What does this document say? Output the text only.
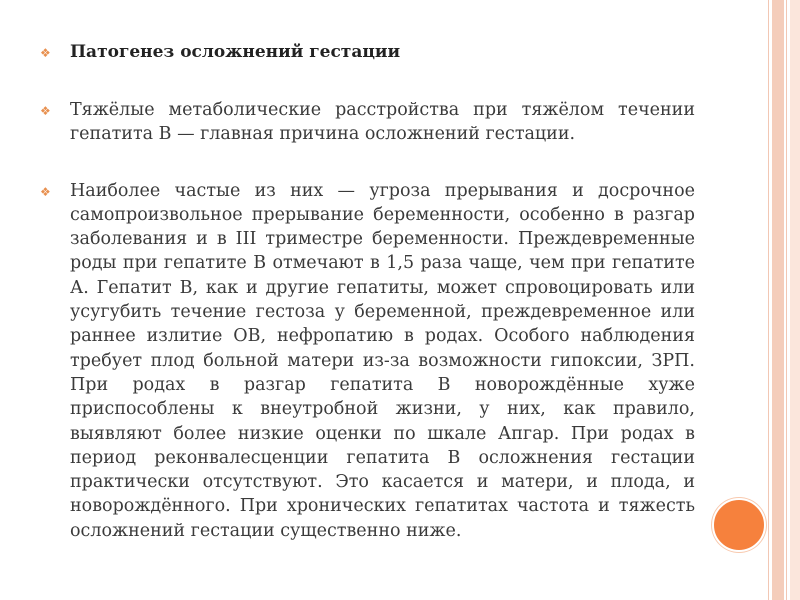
❖ Патогенез осложнений гестации
❖ Тяжёлые метаболические расстройства при тяжёлом течении гепатита В — главная причина осложнений гестации.
❖ Наиболее частые из них — угроза прерывания и досрочное самопроизвольное прерывание беременности, особенно в разгар заболевания и в III триместре беременности. Преждевременные роды при гепатите В отмечают в 1,5 раза чаще, чем при гепатите А. Гепатит В, как и другие гепатиты, может спровоцировать или усугубить течение гестоза у беременной, преждевременное или раннее излитие ОВ, нефропатию в родах. Особого наблюдения требует плод больной матери из-за возможности гипоксии, ЗРП. При родах в разгар гепатита В новорождённые хуже приспособлены к внеутробной жизни, у них, как правило, выявляют более низкие оценки по шкале Апгар. При родах в период реконвалесценции гепатита В осложнения гестации практически отсутствуют. Это касается и матери, и плода, и новорождённого. При хронических гепатитах частота и тяжесть осложнений гестации существенно ниже.
